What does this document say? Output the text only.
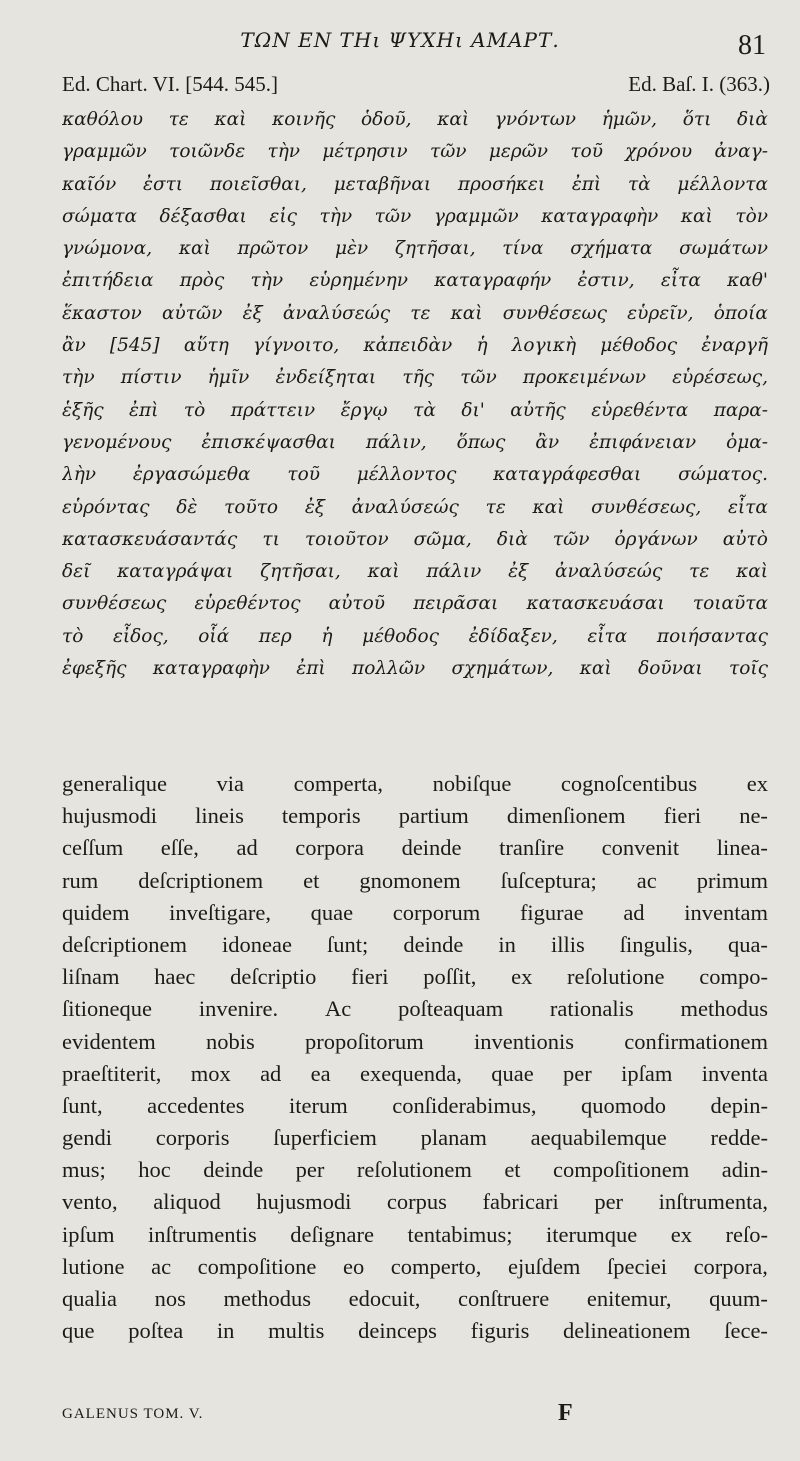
ΤΩΝ ΕΝ ΤΗι ΨΥΧΗι ΑΜΑΡΤ.	81
Ed. Chart. VI. [544. 545.]	Ed. Baſ. I. (363.)
καθόλου τε καὶ κοινῆς ὁδοῦ, καὶ γνόντων ἡμῶν, ὅτι διὰ
γραμμῶν τοιῶνδε τὴν μέτρησιν τῶν μερῶν τοῦ χρόνου ἀναγ-
καῖόν ἐστι ποιεῖσθαι, μεταβῆναι προσήκει ἐπὶ τὰ μέλλοντα
σώματα δέξασθαι εἰς τὴν τῶν γραμμῶν καταγραφὴν καὶ τὸν
γνώμονα, καὶ πρῶτον μὲν ζητῆσαι, τίνα σχήματα σωμάτων
ἐπιτήδεια πρὸς τὴν εὑρημένην καταγραφήν ἐστιν, εἶτα καθ'
ἕκαστον αὐτῶν ἐξ ἀναλύσεώς τε καὶ συνθέσεως εὑρεῖν, ὁποία
ἂν [545] αὕτη γίγνοιτο, κἀπειδὰν ἡ λογικὴ μέθοδος ἐναργῆ
τὴν πίστιν ἡμῖν ἐνδείξηται τῆς τῶν προκειμένων εὑρέσεως,
ἑξῆς ἐπὶ τὸ πράττειν ἔργῳ τὰ δι' αὐτῆς εὑρεθέντα παρα-
γενομένους ἐπισκέψασθαι πάλιν, ὅπως ἂν ἐπιφάνειαν ὁμα-
λὴν ἐργασώμεθα τοῦ μέλλοντος καταγράφεσθαι σώματος.
εὑρόντας δὲ τοῦτο ἐξ ἀναλύσεώς τε καὶ συνθέσεως, εἶτα
κατασκευάσαντάς τι τοιοῦτον σῶμα, διὰ τῶν ὀργάνων αὐτὸ
δεῖ καταγράψαι ζητῆσαι, καὶ πάλιν ἐξ ἀναλύσεώς τε καὶ
συνθέσεως εὑρεθέντος αὐτοῦ πειρᾶσαι κατασκευάσαι τοιαῦτα
τὸ εἶδος, οἷά περ ἡ μέθοδος ἐδίδαξεν, εἶτα ποιήσαντας
ἐφεξῆς καταγραφὴν ἐπὶ πολλῶν σχημάτων, καὶ δοῦναι τοῖς
generalique via comperta, nobiſque cognoſcentibus ex
hujusmodi lineis temporis partium dimenſionem fieri ne-
ceſſum eſſe, ad corpora deinde tranſire convenit linea-
rum deſcriptionem et gnomonem ſuſceptura; ac primum
quidem inveſtigare, quae corporum figurae ad inventam
deſcriptionem idoneae ſunt; deinde in illis ſingulis, qua-
liſnam haec deſcriptio fieri poſſit, ex reſolutione compo-
ſitioneque invenire. Ac poſteaquam rationalis methodus
evidentem nobis propoſitorum inventionis confirmationem
praeſtiterit, mox ad ea exequenda, quae per ipſam inventa
ſunt, accedentes iterum conſiderabimus, quomodo depin-
gendi corporis ſuperficiem planam aequabilemque redde-
mus; hoc deinde per reſolutionem et compoſitionem adin-
vento, aliquod hujusmodi corpus fabricari per inſtrumenta,
ipſum inſtrumentis deſignare tentabimus; iterumque ex reſo-
lutione ac compoſitione eo comperto, ejuſdem ſpeciei corpora,
qualia nos methodus edocuit, conſtruere enitemur, quum-
que poſtea in multis deinceps figuris delineationem ſece-
GALENUS TOM. V.	F
